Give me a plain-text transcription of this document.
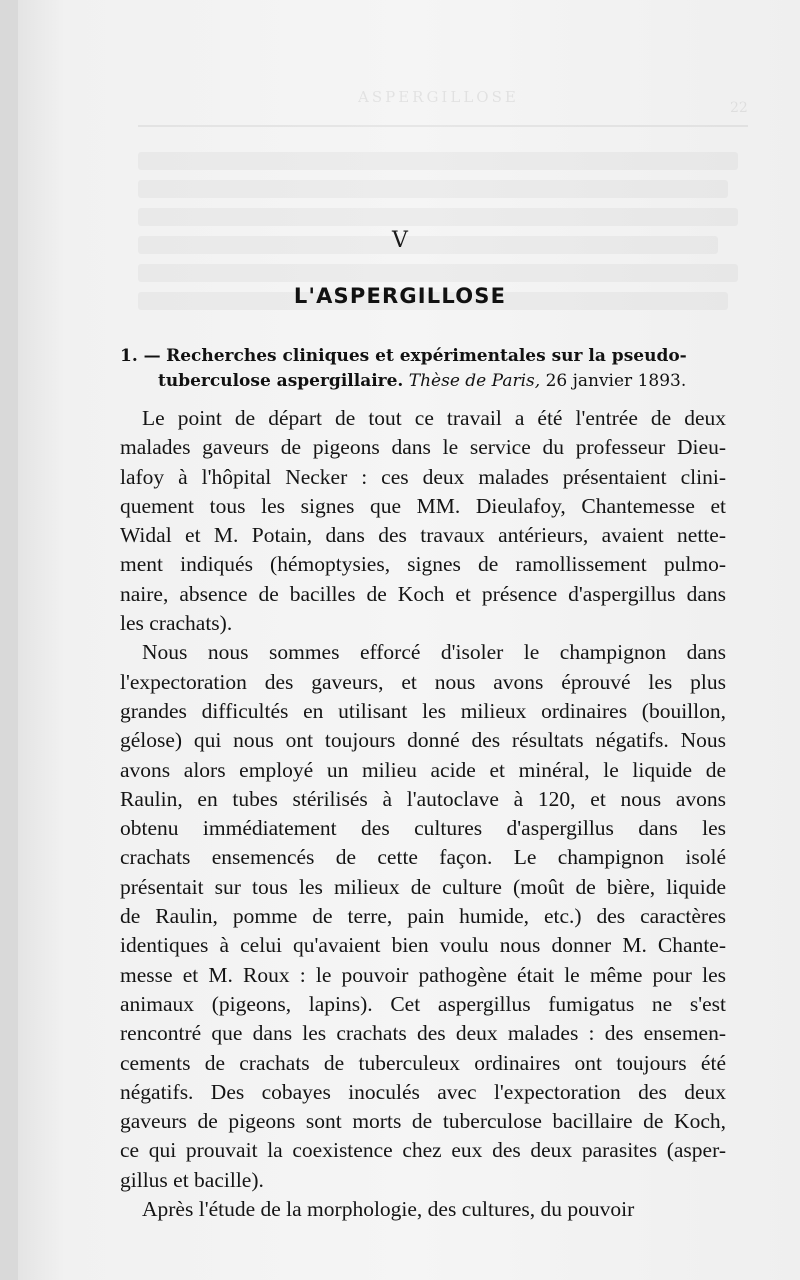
ASPERGILLOSE
22
V
L'ASPERGILLOSE
1. — Recherches cliniques et expérimentales sur la pseudo-
tuberculose aspergillaire. Thèse de Paris, 26 janvier 1893.

Le point de départ de tout ce travail a été l'entrée de deux
malades gaveurs de pigeons dans le service du professeur Dieu-
lafoy à l'hôpital Necker : ces deux malades présentaient clini-
quement tous les signes que MM. Dieulafoy, Chantemesse et
Widal et M. Potain, dans des travaux antérieurs, avaient nette-
ment indiqués (hémoptysies, signes de ramollissement pulmo-
naire, absence de bacilles de Koch et présence d'aspergillus dans
les crachats).

Nous nous sommes efforcé d'isoler le champignon dans
l'expectoration des gaveurs, et nous avons éprouvé les plus
grandes difficultés en utilisant les milieux ordinaires (bouillon,
gélose) qui nous ont toujours donné des résultats négatifs. Nous
avons alors employé un milieu acide et minéral, le liquide de
Raulin, en tubes stérilisés à l'autoclave à 120, et nous avons
obtenu immédiatement des cultures d'aspergillus dans les
crachats ensemencés de cette façon. Le champignon isolé
présentait sur tous les milieux de culture (moût de bière, liquide
de Raulin, pomme de terre, pain humide, etc.) des caractères
identiques à celui qu'avaient bien voulu nous donner M. Chante-
messe et M. Roux : le pouvoir pathogène était le même pour les
animaux (pigeons, lapins). Cet aspergillus fumigatus ne s'est
rencontré que dans les crachats des deux malades : des ensemen-
cements de crachats de tuberculeux ordinaires ont toujours été
négatifs. Des cobayes inoculés avec l'expectoration des deux
gaveurs de pigeons sont morts de tuberculose bacillaire de Koch,
ce qui prouvait la coexistence chez eux des deux parasites (asper-
gillus et bacille).

Après l'étude de la morphologie, des cultures, du pouvoir
